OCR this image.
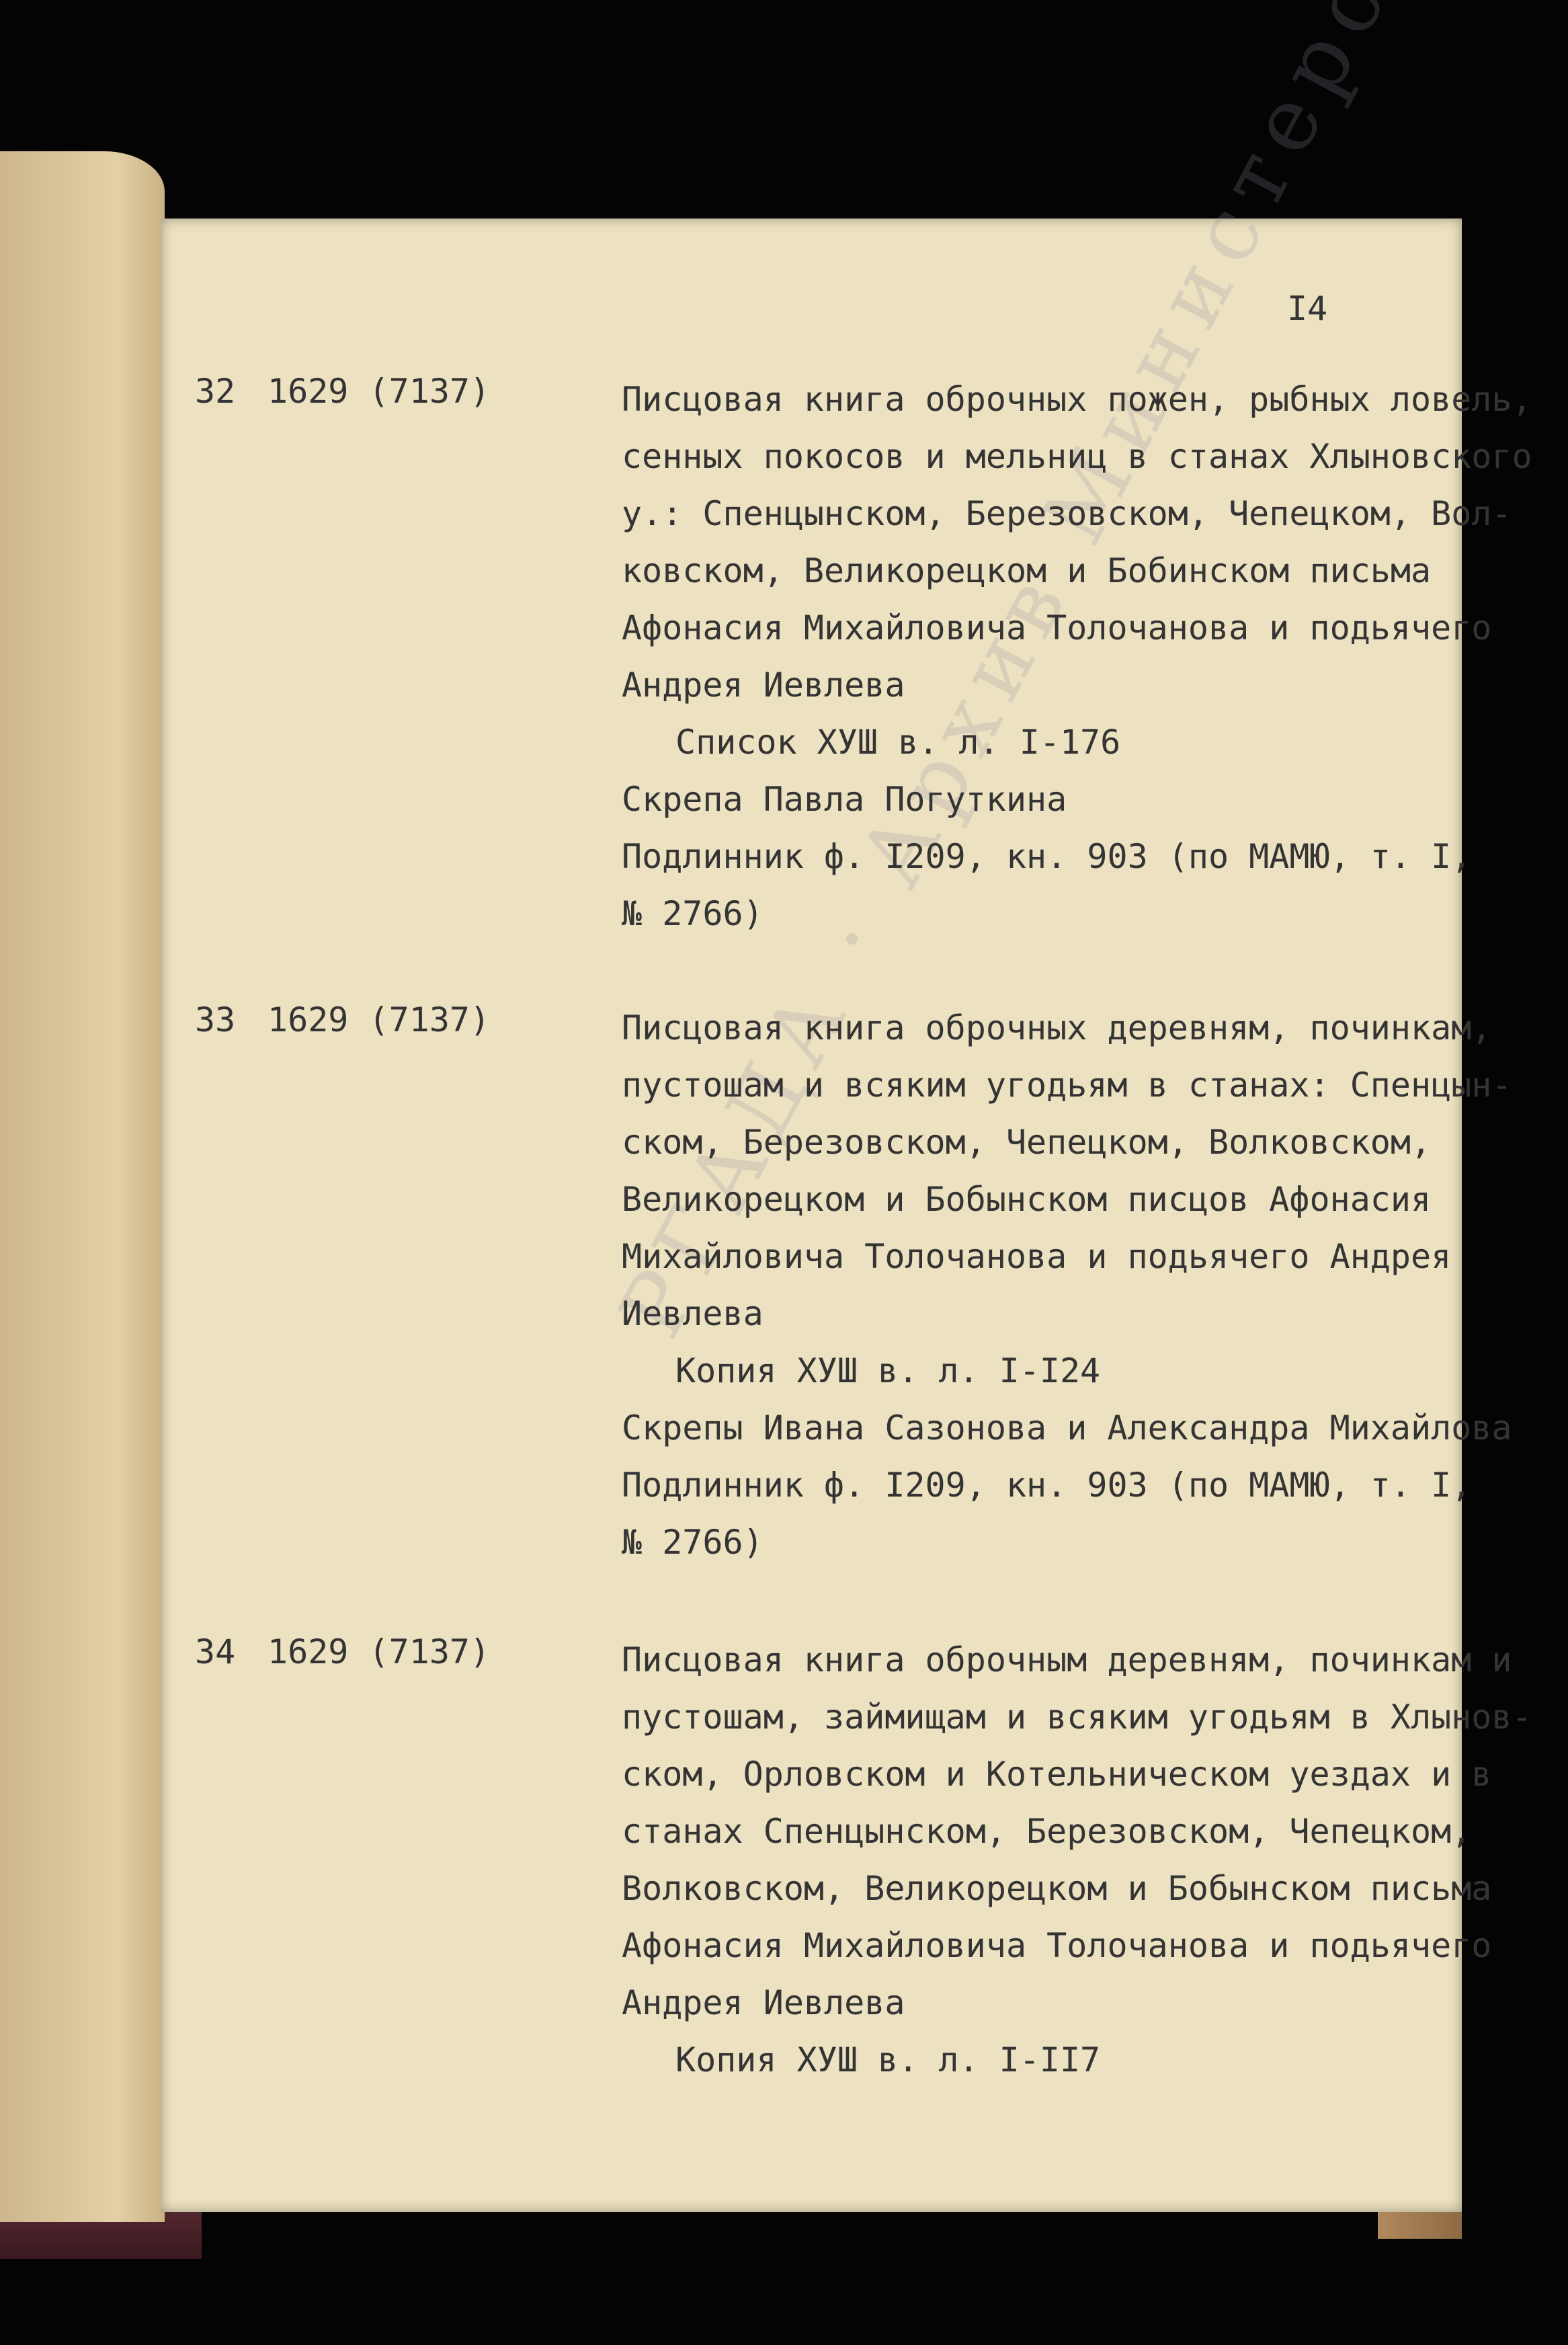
РГАДА · Архив
I4
32 1629 (7137)	Писцовая книга оброчных пожен, рыбных ловель,
сенных покосов и мельниц в станах Хлыновского
у.: Спенцынском, Березовском, Чепецком, Вол-
ковском, Великорецком и Бобинском письма
Афонасия Михайловича Толочанова и подьячего
Андрея Иевлева
Список ХУШ в. л. I-176
Скрепа Павла Погуткина
Подлинник ф. I209, кн. 903 (по МАМЮ, т. I,
№ 2766)
33 1629 (7137)	Писцовая книга оброчных деревням, починкам,
пустошам и всяким угодьям в станах: Спенцын-
ском, Березовском, Чепецком, Волковском,
Великорецком и Бобынском писцов Афонасия
Михайловича Толочанова и подьячего Андрея
Иевлева
Копия ХУШ в. л. I-I24
Скрепы Ивана Сазонова и Александра Михайлова
Подлинник ф. I209, кн. 903 (по МАМЮ, т. I,
№ 2766)
34 1629 (7137)	Писцовая книга оброчным деревням, починкам и
пустошам, займищам и всяким угодьям в Хлынов-
ском, Орловском и Котельническом уездах и в
станах Спенцынском, Березовском, Чепецком,
Волковском, Великорецком и Бобынском письма
Афонасия Михайловича Толочанова и подьячего
Андрея Иевлева
Копия ХУШ в. л. I-II7
